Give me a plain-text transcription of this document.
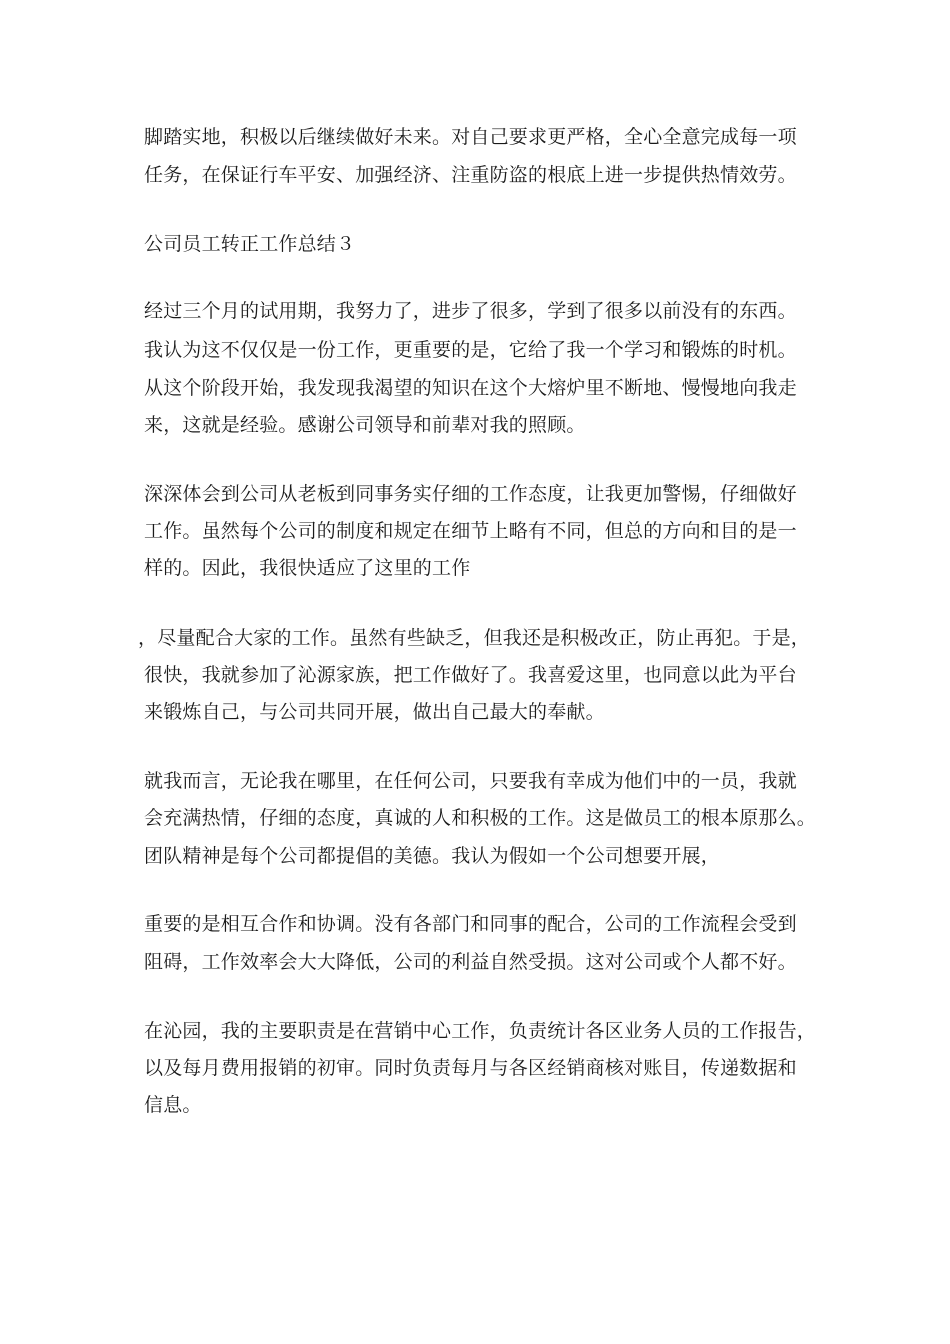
脚踏实地，积极以后继续做好未来。对自己要求更严格，全心全意完成每一项
任务，在保证行车平安、加强经济、注重防盗的根底上进一步提供热情效劳。
公司员工转正工作总结３
经过三个月的试用期，我努力了，进步了很多，学到了很多以前没有的东西。
我认为这不仅仅是一份工作，更重要的是，它给了我一个学习和锻炼的时机。
从这个阶段开始，我发现我渴望的知识在这个大熔炉里不断地、慢慢地向我走
来，这就是经验。感谢公司领导和前辈对我的照顾。
深深体会到公司从老板到同事务实仔细的工作态度，让我更加警惕，仔细做好
工作。虽然每个公司的制度和规定在细节上略有不同，但总的方向和目的是一
样的。因此，我很快适应了这里的工作
，尽量配合大家的工作。虽然有些缺乏，但我还是积极改正，防止再犯。于是，
很快，我就参加了沁源家族，把工作做好了。我喜爱这里，也同意以此为平台
来锻炼自己，与公司共同开展，做出自己最大的奉献。
就我而言，无论我在哪里，在任何公司，只要我有幸成为他们中的一员，我就
会充满热情，仔细的态度，真诚的人和积极的工作。这是做员工的根本原那么。
团队精神是每个公司都提倡的美德。我认为假如一个公司想要开展，
重要的是相互合作和协调。没有各部门和同事的配合，公司的工作流程会受到
阻碍，工作效率会大大降低，公司的利益自然受损。这对公司或个人都不好。
在沁园，我的主要职责是在营销中心工作，负责统计各区业务人员的工作报告，
以及每月费用报销的初审。同时负责每月与各区经销商核对账目，传递数据和
信息。
